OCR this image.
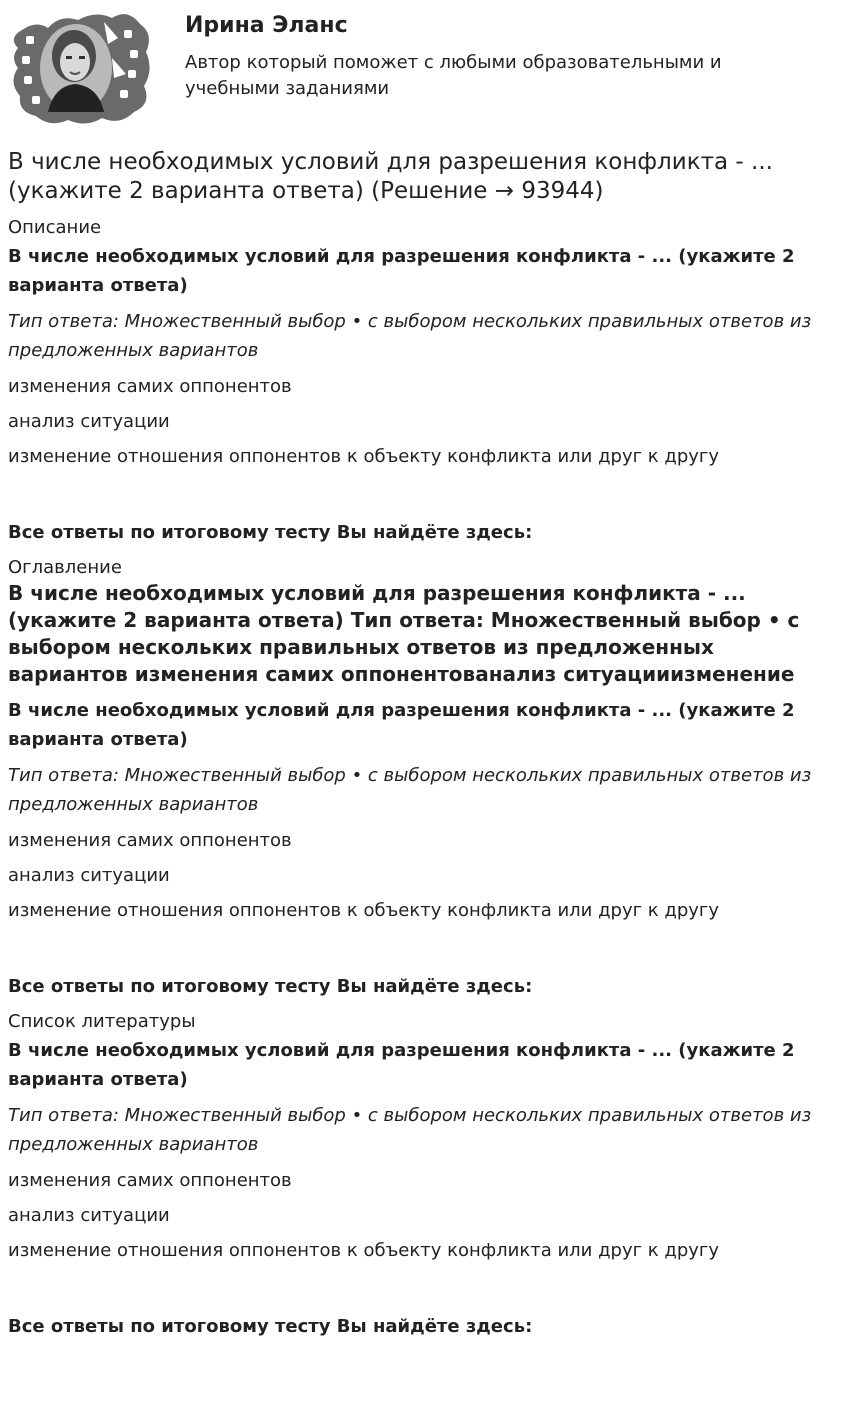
Ирина Эланс

Автор который поможет с любыми образовательными и учебными заданиями

В числе необходимых условий для разрешения конфликта - ... (укажите 2 варианта ответа) (Решение → 93944)
Описание

В числе необходимых условий для разрешения конфликта - ... (укажите 2 варианта ответа)

Тип ответа: Множественный выбор • с выбором нескольких правильных ответов из предложенных вариантов

изменения самих оппонентов

анализ ситуации

изменение отношения оппонентов к объекту конфликта или друг к другу

Все ответы по итоговому тесту Вы найдёте здесь:

Оглавление
В числе необходимых условий для разрешения конфликта - ... (укажите 2 варианта ответа) Тип ответа: Множественный выбор • с выбором нескольких правильных ответов из предложенных вариантов изменения самих оппонентованализ ситуацииизменение

В числе необходимых условий для разрешения конфликта - ... (укажите 2 варианта ответа)

Тип ответа: Множественный выбор • с выбором нескольких правильных ответов из предложенных вариантов

изменения самих оппонентов

анализ ситуации

изменение отношения оппонентов к объекту конфликта или друг к другу

Все ответы по итоговому тесту Вы найдёте здесь:

Список литературы

В числе необходимых условий для разрешения конфликта - ... (укажите 2 варианта ответа)

Тип ответа: Множественный выбор • с выбором нескольких правильных ответов из предложенных вариантов

изменения самих оппонентов

анализ ситуации

изменение отношения оппонентов к объекту конфликта или друг к другу

Все ответы по итоговому тесту Вы найдёте здесь:
